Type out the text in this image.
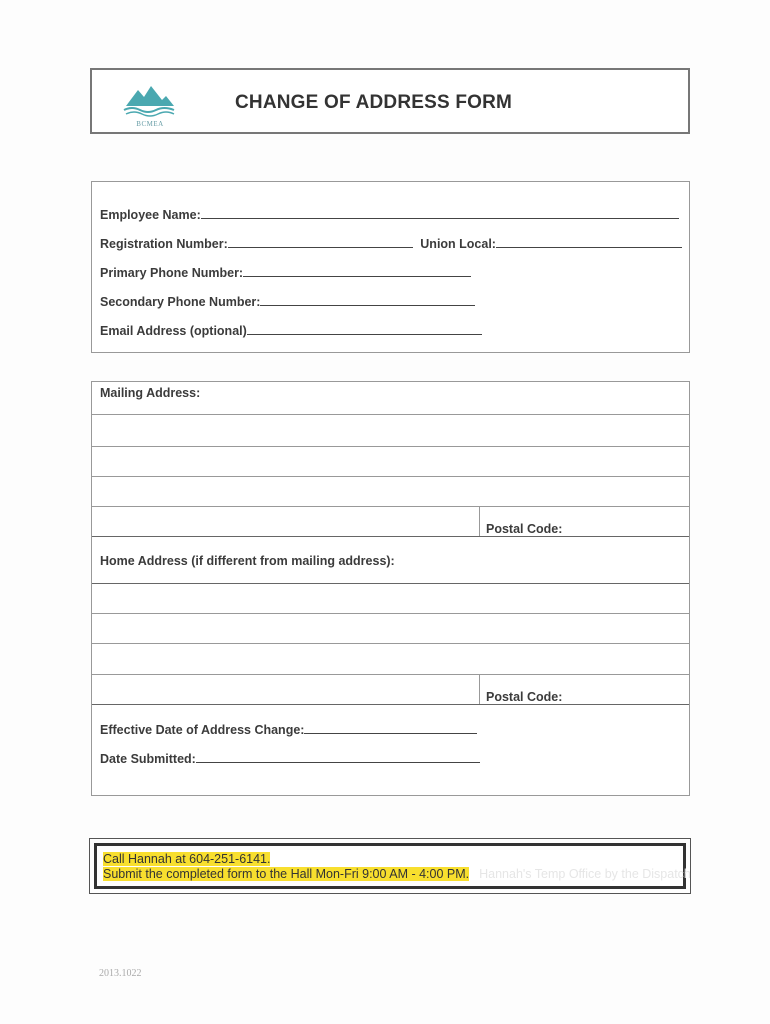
BCMEA
CHANGE OF ADDRESS FORM
Employee Name:
Registration Number:	Union Local:
Primary Phone Number:
Secondary Phone Number:
Email Address (optional)
Mailing Address:
Postal Code:
Home Address (if different from mailing address):
Postal Code:
Effective Date of Address Change:
Date Submitted:
Call Hannah at 604-251-6141.
Submit the completed form to the Hall Mon-Fri 9:00 AM - 4:00 PM. Hannah's Temp Office by the Dispatch
2013.1022
